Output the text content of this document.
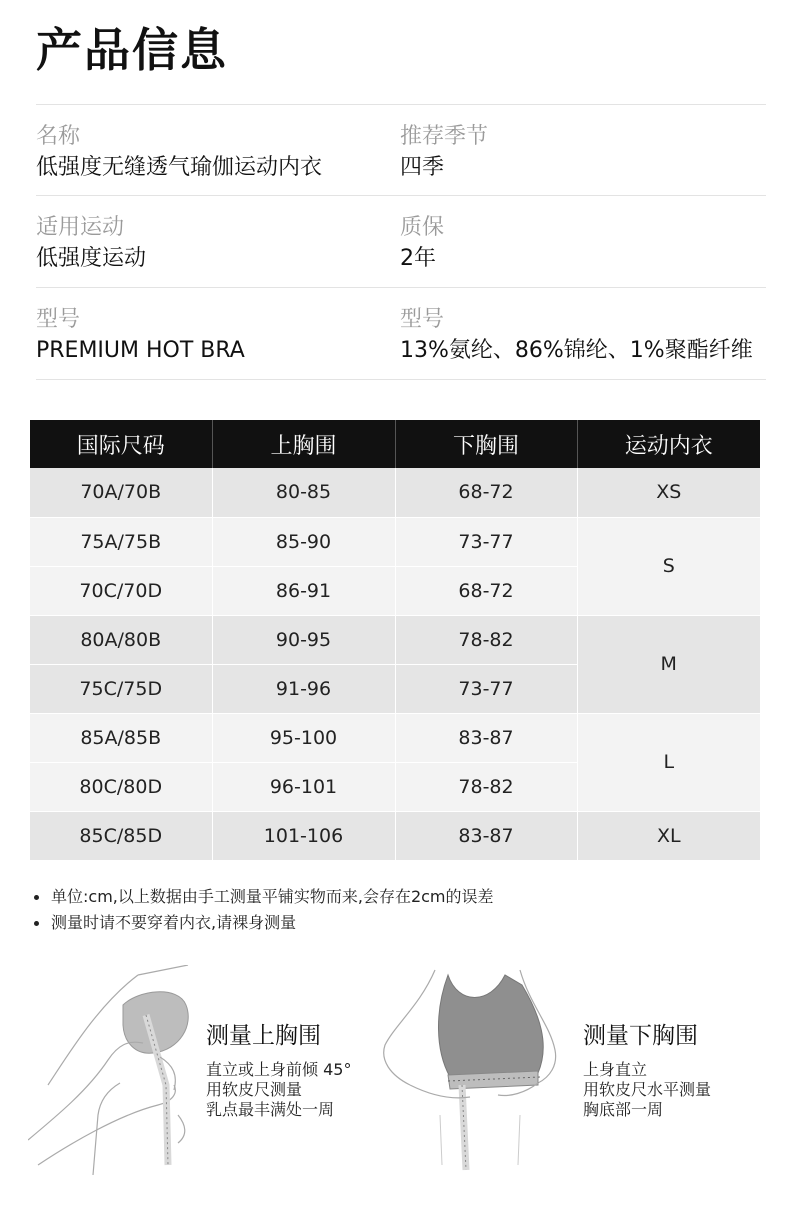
产品信息
名称
低强度无缝透气瑜伽运动内衣
推荐季节
四季
适用运动
低强度运动
质保
2年
型号
PREMIUM HOT BRA
型号
13%氨纶、86%锦纶、1%聚酯纤维
国际尺码	上胸围	下胸围	运动内衣
70A/70B	80-85	68-72	XS
75A/75B	85-90	73-77	S
70C/70D	86-91	68-72	
80A/80B	90-95	78-82	M
75C/75D	91-96	73-77	
85A/85B	95-100	83-87	L
80C/80D	96-101	78-82	
85C/85D	101-106	83-87	XL
单位:cm,以上数据由手工测量平铺实物而来,会存在2cm的误差
测量时请不要穿着内衣,请裸身测量
测量上胸围
直立或上身前倾 45°
用软皮尺测量
乳点最丰满处一周
测量下胸围
上身直立
用软皮尺水平测量
胸底部一周
